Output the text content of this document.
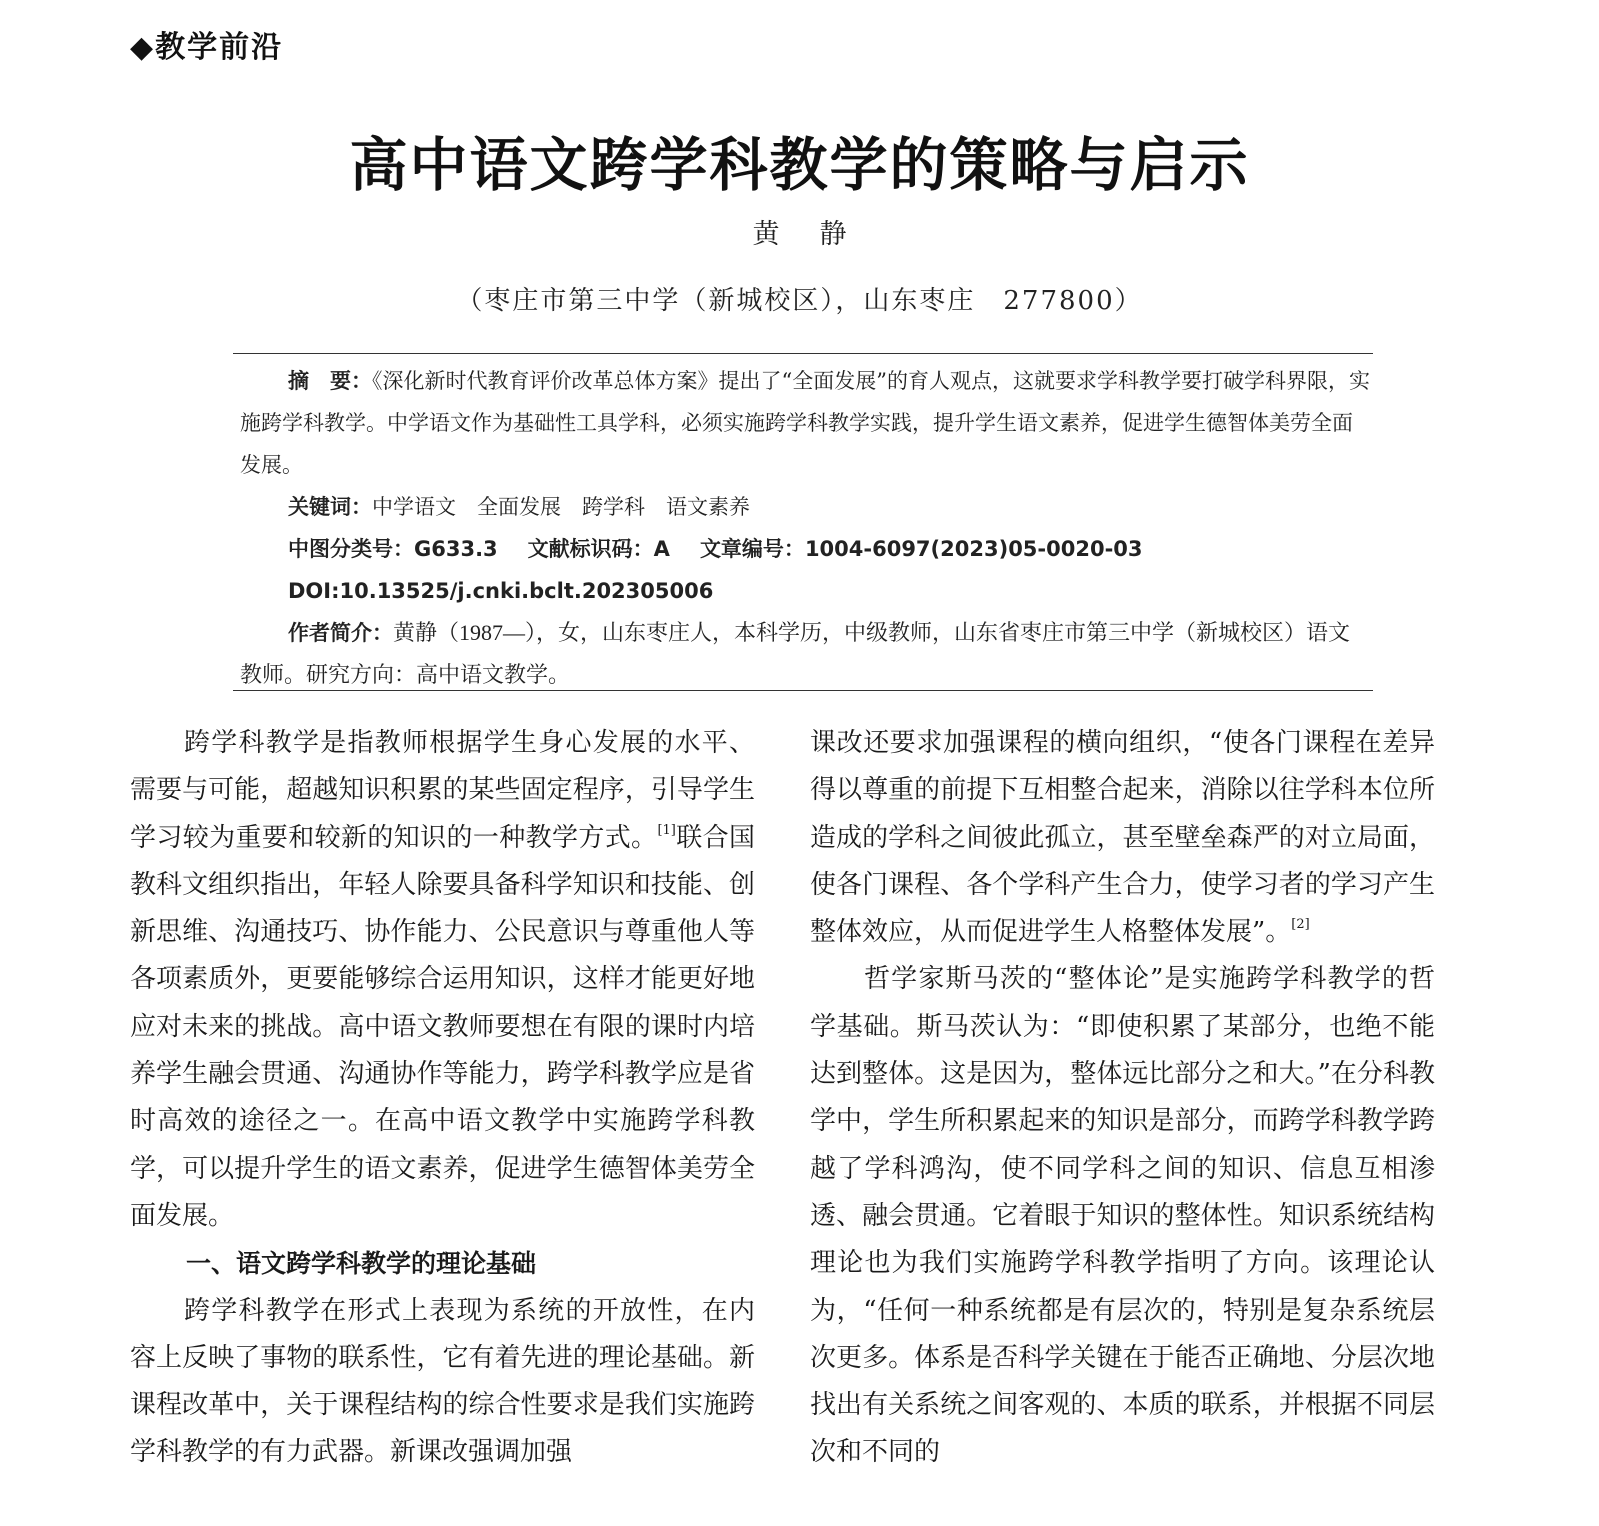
◆教学前沿
高中语文跨学科教学的策略与启示
黄静
（枣庄市第三中学（新城校区），山东枣庄　277800）

摘　要：《深化新时代教育评价改革总体方案》提出了“全面发展”的育人观点，这就要求学科教学要打破学科界限，实施跨学科教学。中学语文作为基础性工具学科，必须实施跨学科教学实践，提升学生语文素养，促进学生德智体美劳全面发展。

关键词：中学语文　全面发展　跨学科　语文素养

中图分类号：G633.3 文献标识码：A 文章编号：1004-6097(2023)05-0020-03

DOI:10.13525/j.cnki.bclt.202305006

作者简介：黄静（1987—），女，山东枣庄人，本科学历，中级教师，山东省枣庄市第三中学（新城校区）语文教师。研究方向：高中语文教学。

跨学科教学是指教师根据学生身心发展的水平、需要与可能，超越知识积累的某些固定程序，引导学生学习较为重要和较新的知识的一种教学方式。[1]联合国教科文组织指出，年轻人除要具备科学知识和技能、创新思维、沟通技巧、协作能力、公民意识与尊重他人等各项素质外，更要能够综合运用知识，这样才能更好地应对未来的挑战。高中语文教师要想在有限的课时内培养学生融会贯通、沟通协作等能力，跨学科教学应是省时高效的途径之一。在高中语文教学中实施跨学科教学，可以提升学生的语文素养，促进学生德智体美劳全面发展。

一、语文跨学科教学的理论基础

跨学科教学在形式上表现为系统的开放性，在内容上反映了事物的联系性，它有着先进的理论基础。新课程改革中，关于课程结构的综合性要求是我们实施跨学科教学的有力武器。新课改强调加强

课改还要求加强课程的横向组织，“使各门课程在差异得以尊重的前提下互相整合起来，消除以往学科本位所造成的学科之间彼此孤立，甚至壁垒森严的对立局面，使各门课程、各个学科产生合力，使学习者的学习产生整体效应，从而促进学生人格整体发展”。[2]

哲学家斯马茨的“整体论”是实施跨学科教学的哲学基础。斯马茨认为：“即使积累了某部分，也绝不能达到整体。这是因为，整体远比部分之和大。”在分科教学中，学生所积累起来的知识是部分，而跨学科教学跨越了学科鸿沟，使不同学科之间的知识、信息互相渗透、融会贯通。它着眼于知识的整体性。知识系统结构理论也为我们实施跨学科教学指明了方向。该理论认为，“任何一种系统都是有层次的，特别是复杂系统层次更多。体系是否科学关键在于能否正确地、分层次地找出有关系统之间客观的、本质的联系，并根据不同层次和不同的
